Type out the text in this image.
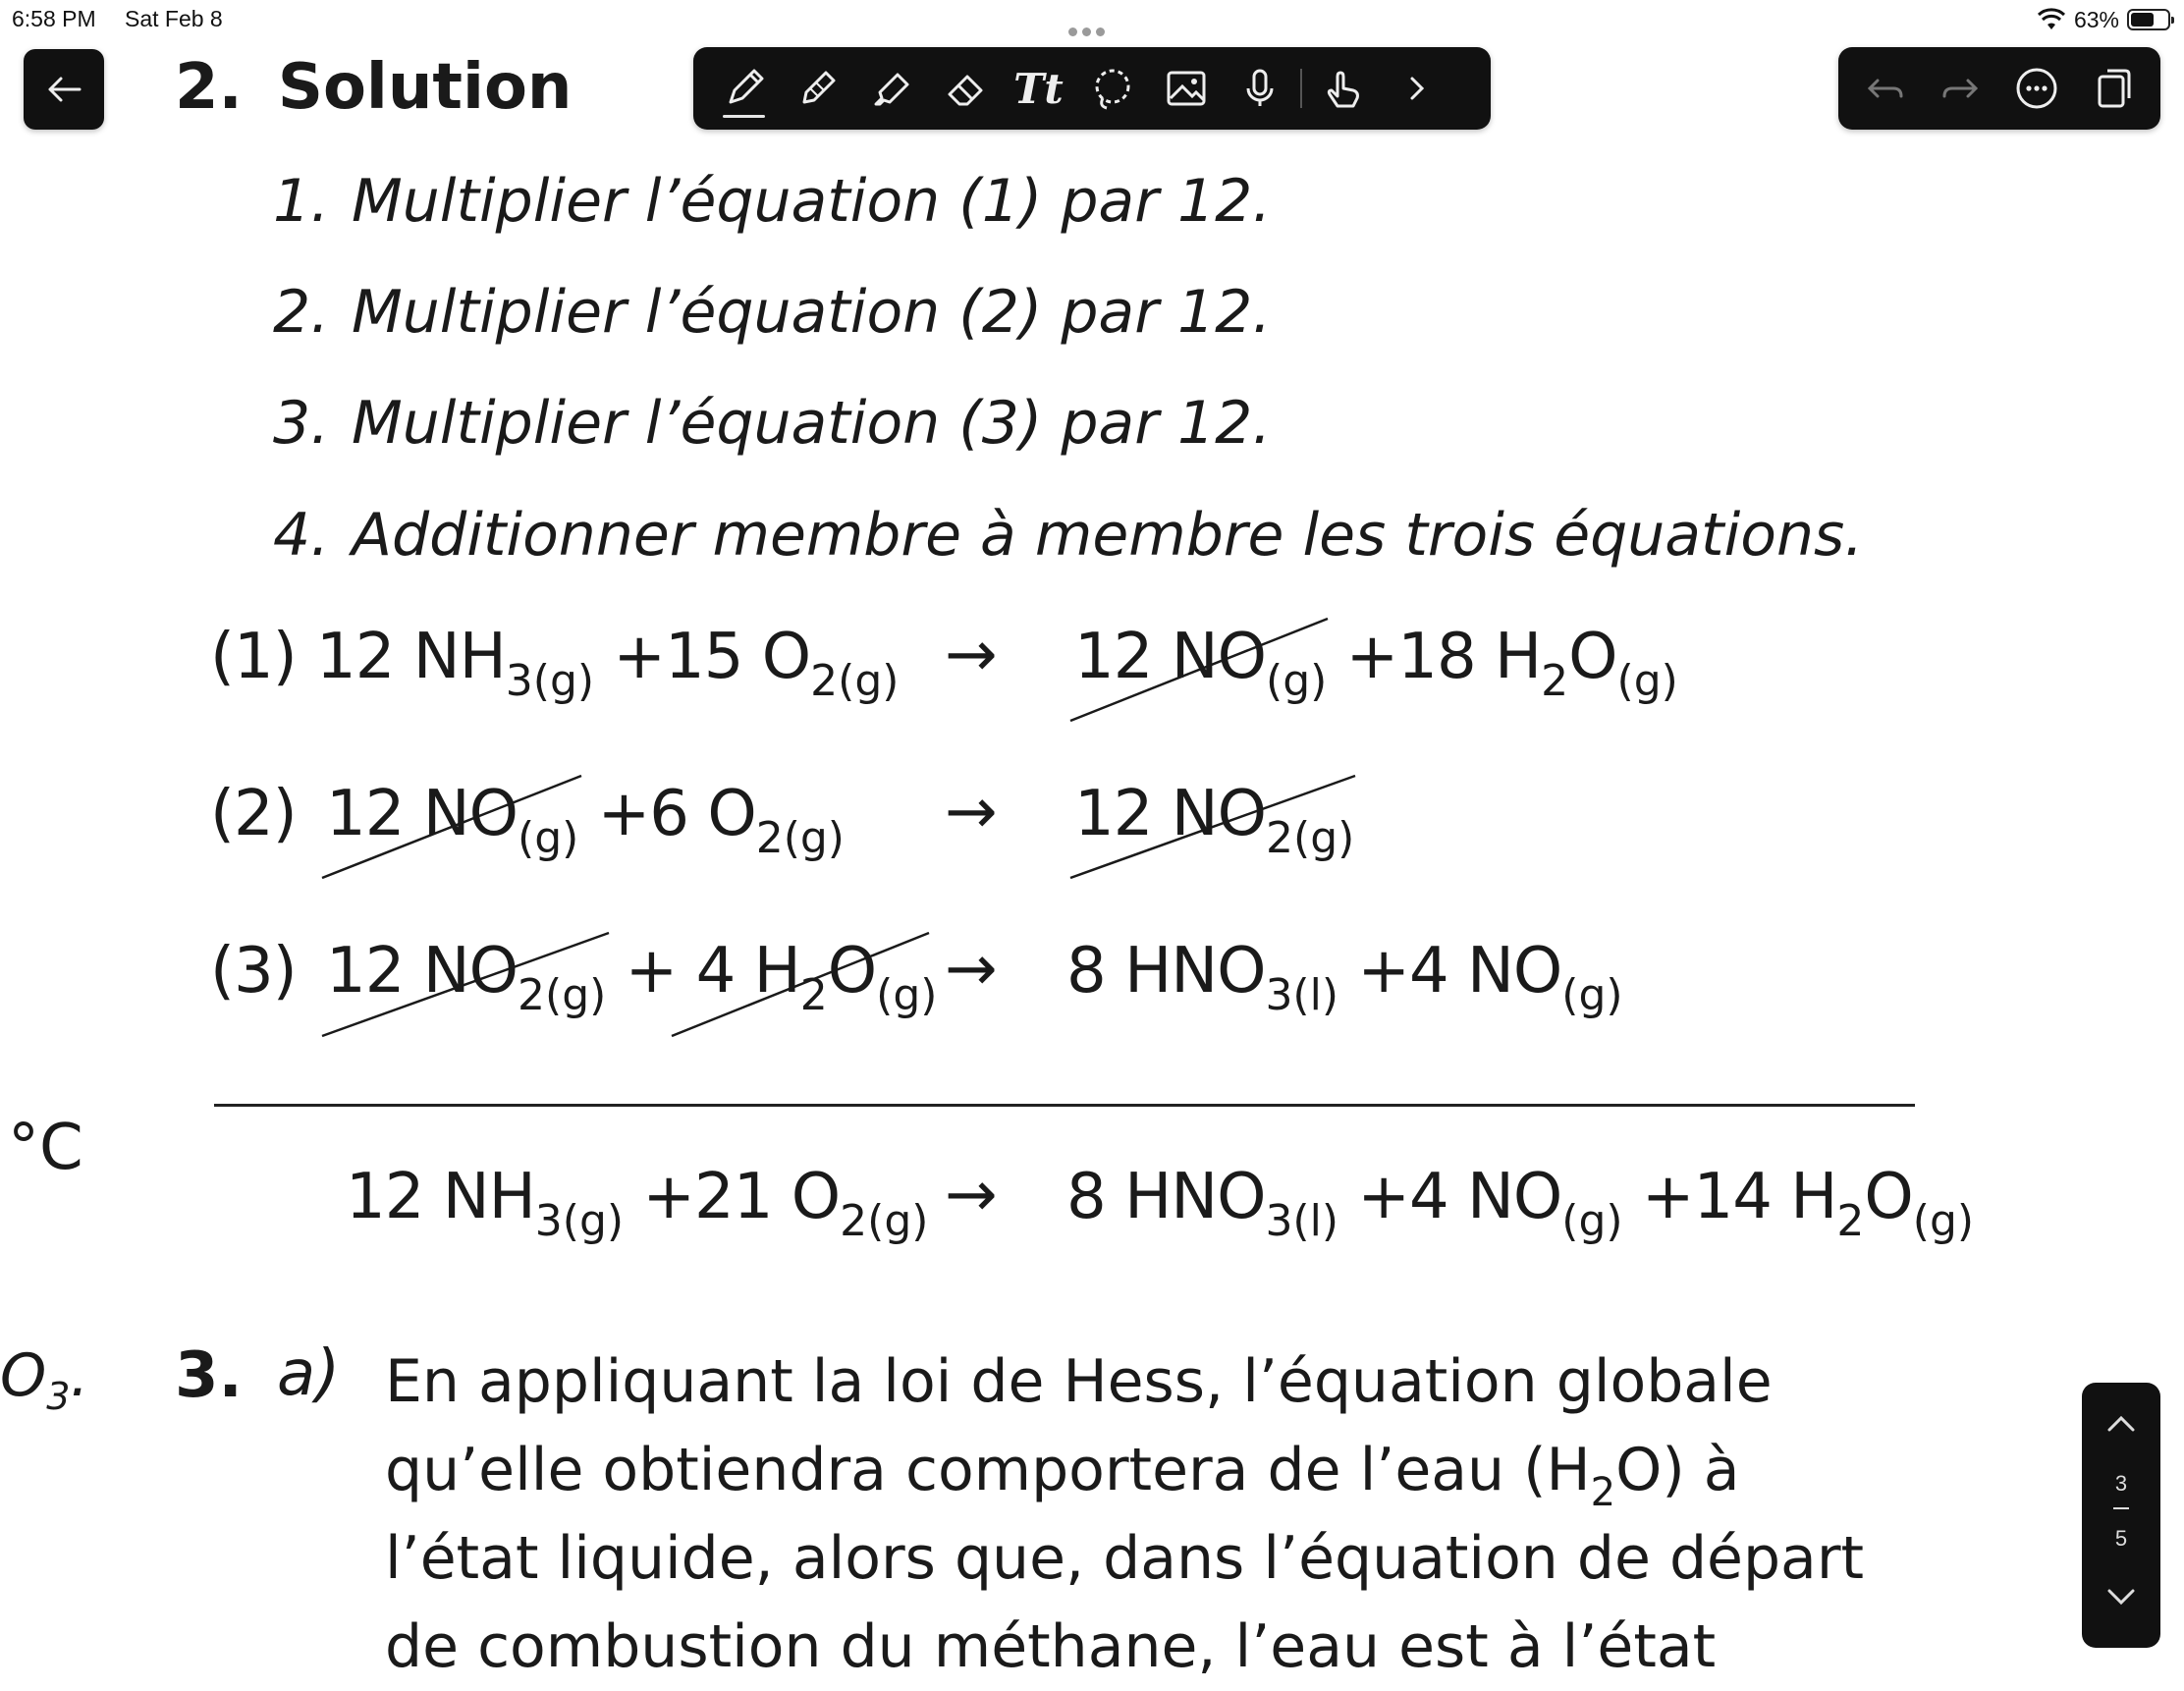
6:58 PM Sat Feb 8	63%
Tt
2. Solution
1. Multiplier l’équation (1) par 12.
2. Multiplier l’équation (2) par 12.
3. Multiplier l’équation (3) par 12.
4. Additionner membre à membre les trois équations.
(1) 12 $NH_{3(g)} +15$ $O_{2(g)} \to 12$ $NO_{(g)} +18$ $H_2O_{(g)}$
(2) 12 $NO_{(g)} +6$ $O_{2(g)} \to 12$ $NO_{2(g)}$
(3) 12 $NO_{2(g)} + 4$ $H_2O_{(g)} \to 8$ $HNO_{3(l)} +4$ $NO_{(g)}$
°C
12 $NH_{3(g)} +21$ $O_{2(g)} \to 8$ $HNO_{3(l)} +4$ $NO_{(g)} +14$ $H_2O_{(g)}$
$O_3$. 3. a) En appliquant la loi de Hess, l’équation globale
qu’elle obtiendra comportera de l’eau $(H_2O)$ à
l’état liquide, alors que, dans l’équation de départ
de combustion du méthane, l’eau est à l’état
3
5
